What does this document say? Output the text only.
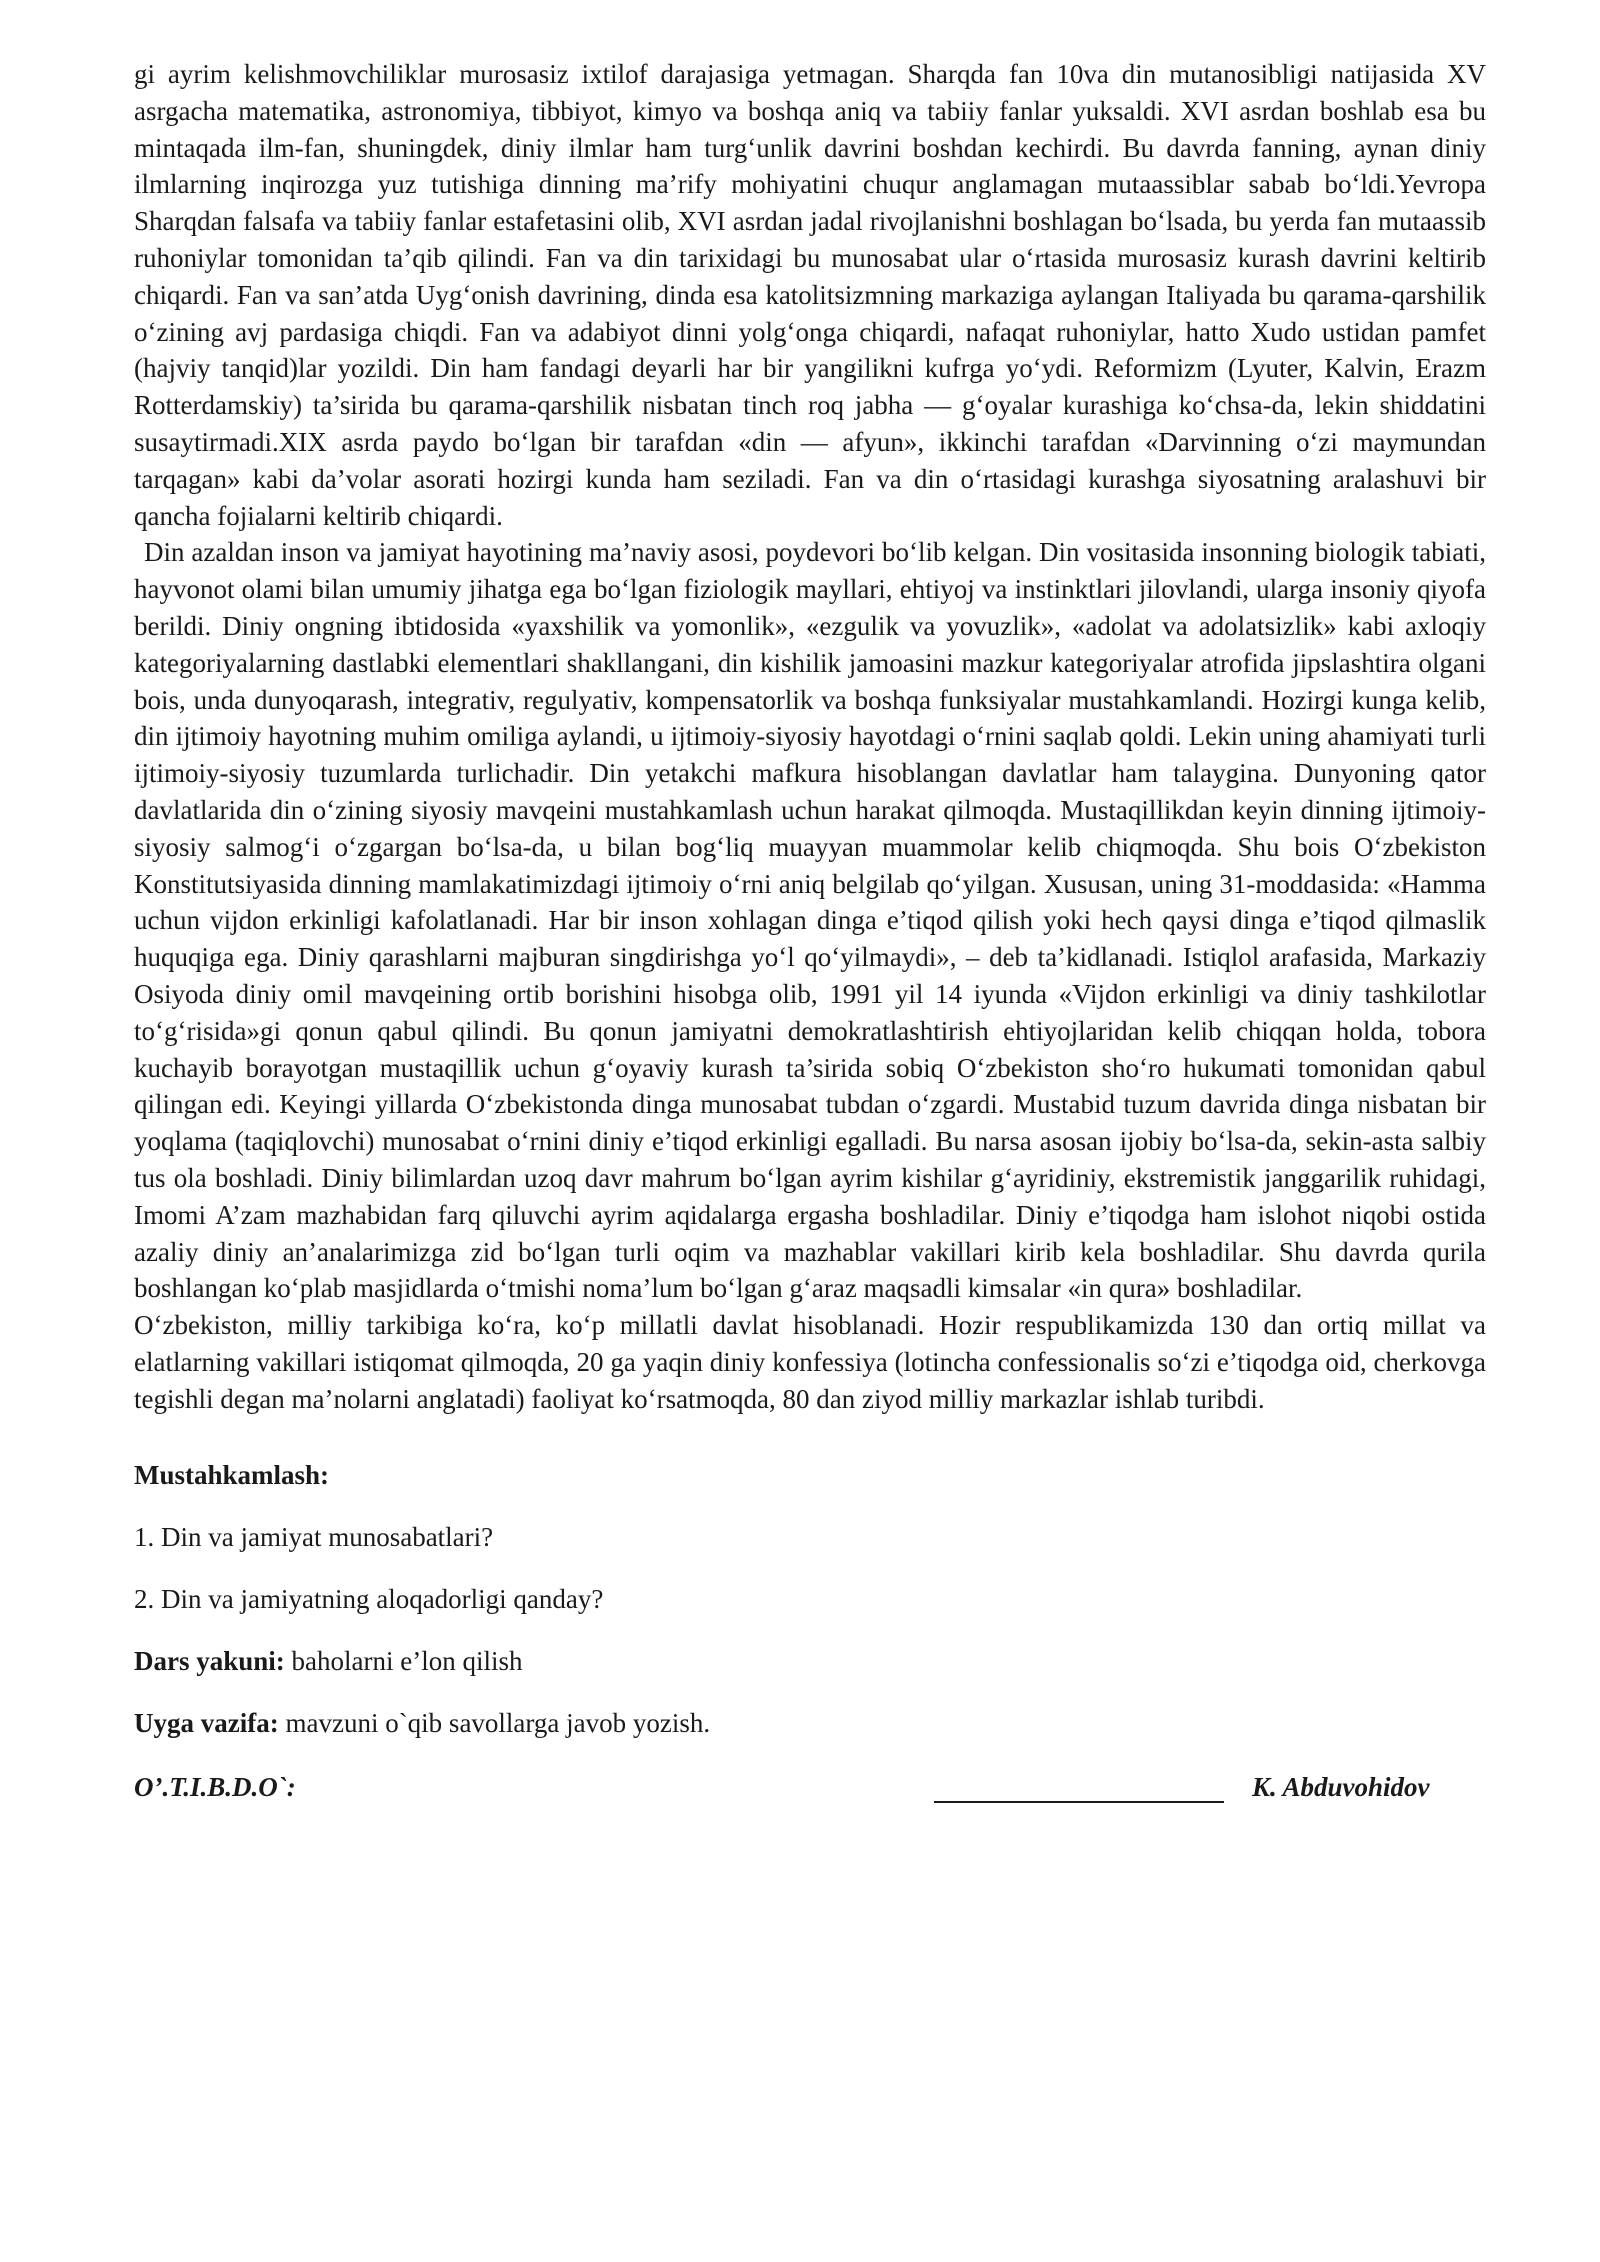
gi ayrim kelishmovchiliklar murosasiz ixtilof darajasiga yetmagan. Sharqda fan 10va din mutanosibligi natijasida XV asrgacha matematika, astronomiya, tibbiyot, kimyo va boshqa aniq va tabiiy fanlar yuksaldi. XVI asrdan boshlab esa bu mintaqada ilm-fan, shuningdek, diniy ilmlar ham turg‘unlik davrini boshdan kechirdi. Bu davrda fanning, aynan diniy ilmlarning inqirozga yuz tutishiga dinning ma’rify mohiyatini chuqur anglamagan mutaassiblar sabab bo‘ldi.Yevropa Sharqdan falsafa va tabiiy fanlar estafetasini olib, XVI asrdan jadal rivojlanishni boshlagan bo‘lsada, bu yerda fan mutaassib ruhoniylar tomonidan ta’qib qilindi. Fan va din tarixidagi bu munosabat ular o‘rtasida murosasiz kurash davrini keltirib chiqardi. Fan va san’atda Uyg‘onish davrining, dinda esa katolitsizmning markaziga aylangan Italiyada bu qarama-qarshilik o‘zining avj pardasiga chiqdi. Fan va adabiyot dinni yolg‘onga chiqardi, nafaqat ruhoniylar, hatto Xudo ustidan pamfet (hajviy tanqid)lar yozildi. Din ham fandagi deyarli har bir yangilikni kufrga yo‘ydi. Reformizm (Lyuter, Kalvin, Erazm Rotterdamskiy) ta’sirida bu qarama-qarshilik nisbatan tinch roq jabha — g‘oyalar kurashiga ko‘chsa-da, lekin shiddatini susaytirmadi.XIX asrda paydo bo‘lgan bir tarafdan «din — afyun», ikkinchi tarafdan «Darvinning o‘zi maymundan tarqagan» kabi da’volar asorati hozirgi kunda ham seziladi. Fan va din o‘rtasidagi kurashga siyosatning aralashuvi bir qancha fojialarni keltirib chiqardi.

Din azaldan inson va jamiyat hayotining ma’naviy asosi, poydevori bo‘lib kelgan. Din vositasida insonning biologik tabiati, hayvonot olami bilan umumiy jihatga ega bo‘lgan fiziologik mayllari, ehtiyoj va instinktlari jilovlandi, ularga insoniy qiyofa berildi. Diniy ongning ibtidosida «yaxshilik va yomonlik», «ezgulik va yovuzlik», «adolat va adolatsizlik» kabi axloqiy kategoriyalarning dastlabki elementlari shakllangani, din kishilik jamoasini mazkur kategoriyalar atrofida jipslashtira olgani bois, unda dunyoqarash, integrativ, regulyativ, kompensatorlik va boshqa funksiyalar mustahkamlandi. Hozirgi kunga kelib, din ijtimoiy hayotning muhim omiliga aylandi, u ijtimoiy-siyosiy hayotdagi o‘rnini saqlab qoldi. Lekin uning ahamiyati turli ijtimoiy-siyosiy tuzumlarda turlichadir. Din yetakchi mafkura hisoblangan davlatlar ham talaygina. Dunyoning qator davlatlarida din o‘zining siyosiy mavqeini mustahkamlash uchun harakat qilmoqda. Mustaqillikdan keyin dinning ijtimoiy-siyosiy salmog‘i o‘zgargan bo‘lsa-da, u bilan bog‘liq muayyan muammolar kelib chiqmoqda. Shu bois O‘zbekiston Konstitutsiyasida dinning mamlakatimizdagi ijtimoiy o‘rni aniq belgilab qo‘yilgan. Xususan, uning 31-moddasida: «Hamma uchun vijdon erkinligi kafolatlanadi. Har bir inson xohlagan dinga e’tiqod qilish yoki hech qaysi dinga e’tiqod qilmaslik huquqiga ega. Diniy qarashlarni majburan singdirishga yo‘l qo‘yilmaydi», – deb ta’kidlanadi. Istiqlol arafasida, Markaziy Osiyoda diniy omil mavqeining ortib borishini hisobga olib, 1991 yil 14 iyunda «Vijdon erkinligi va diniy tashkilotlar to‘g‘risida»gi qonun qabul qilindi. Bu qonun jamiyatni demokratlashtirish ehtiyojlaridan kelib chiqqan holda, tobora kuchayib borayotgan mustaqillik uchun g‘oyaviy kurash ta’sirida sobiq O‘zbekiston sho‘ro hukumati tomonidan qabul qilingan edi. Keyingi yillarda O‘zbekistonda dinga munosabat tubdan o‘zgardi. Mustabid tuzum davrida dinga nisbatan bir yoqlama (taqiqlovchi) munosabat o‘rnini diniy e’tiqod erkinligi egalladi. Bu narsa asosan ijobiy bo‘lsa-da, sekin-asta salbiy tus ola boshladi. Diniy bilimlardan uzoq davr mahrum bo‘lgan ayrim kishilar g‘ayridiniy, ekstremistik janggarilik ruhidagi, Imomi A’zam mazhabidan farq qiluvchi ayrim aqidalarga ergasha boshladilar. Diniy e’tiqodga ham islohot niqobi ostida azaliy diniy an’analarimizga zid bo‘lgan turli oqim va mazhablar vakillari kirib kela boshladilar. Shu davrda qurila boshlangan ko‘plab masjidlarda o‘tmishi noma’lum bo‘lgan g‘araz maqsadli kimsalar «in qura» boshladilar.

O‘zbekiston, milliy tarkibiga ko‘ra, ko‘p millatli davlat hisoblanadi. Hozir respublikamizda 130 dan ortiq millat va elatlarning vakillari istiqomat qilmoqda, 20 ga yaqin diniy konfessiya (lotincha confessionalis so‘zi e’tiqodga oid, cherkovga tegishli degan ma’nolarni anglatadi) faoliyat ko‘rsatmoqda, 80 dan ziyod milliy markazlar ishlab turibdi.

Mustahkamlash:

1. Din va jamiyat munosabatlari?

2. Din va jamiyatning aloqadorligi qanday?

Dars yakuni: baholarni e’lon qilish

Uyga vazifa: mavzuni o`qib savollarga javob yozish.

O’.T.I.B.D.O`:	K. Abduvohidov
